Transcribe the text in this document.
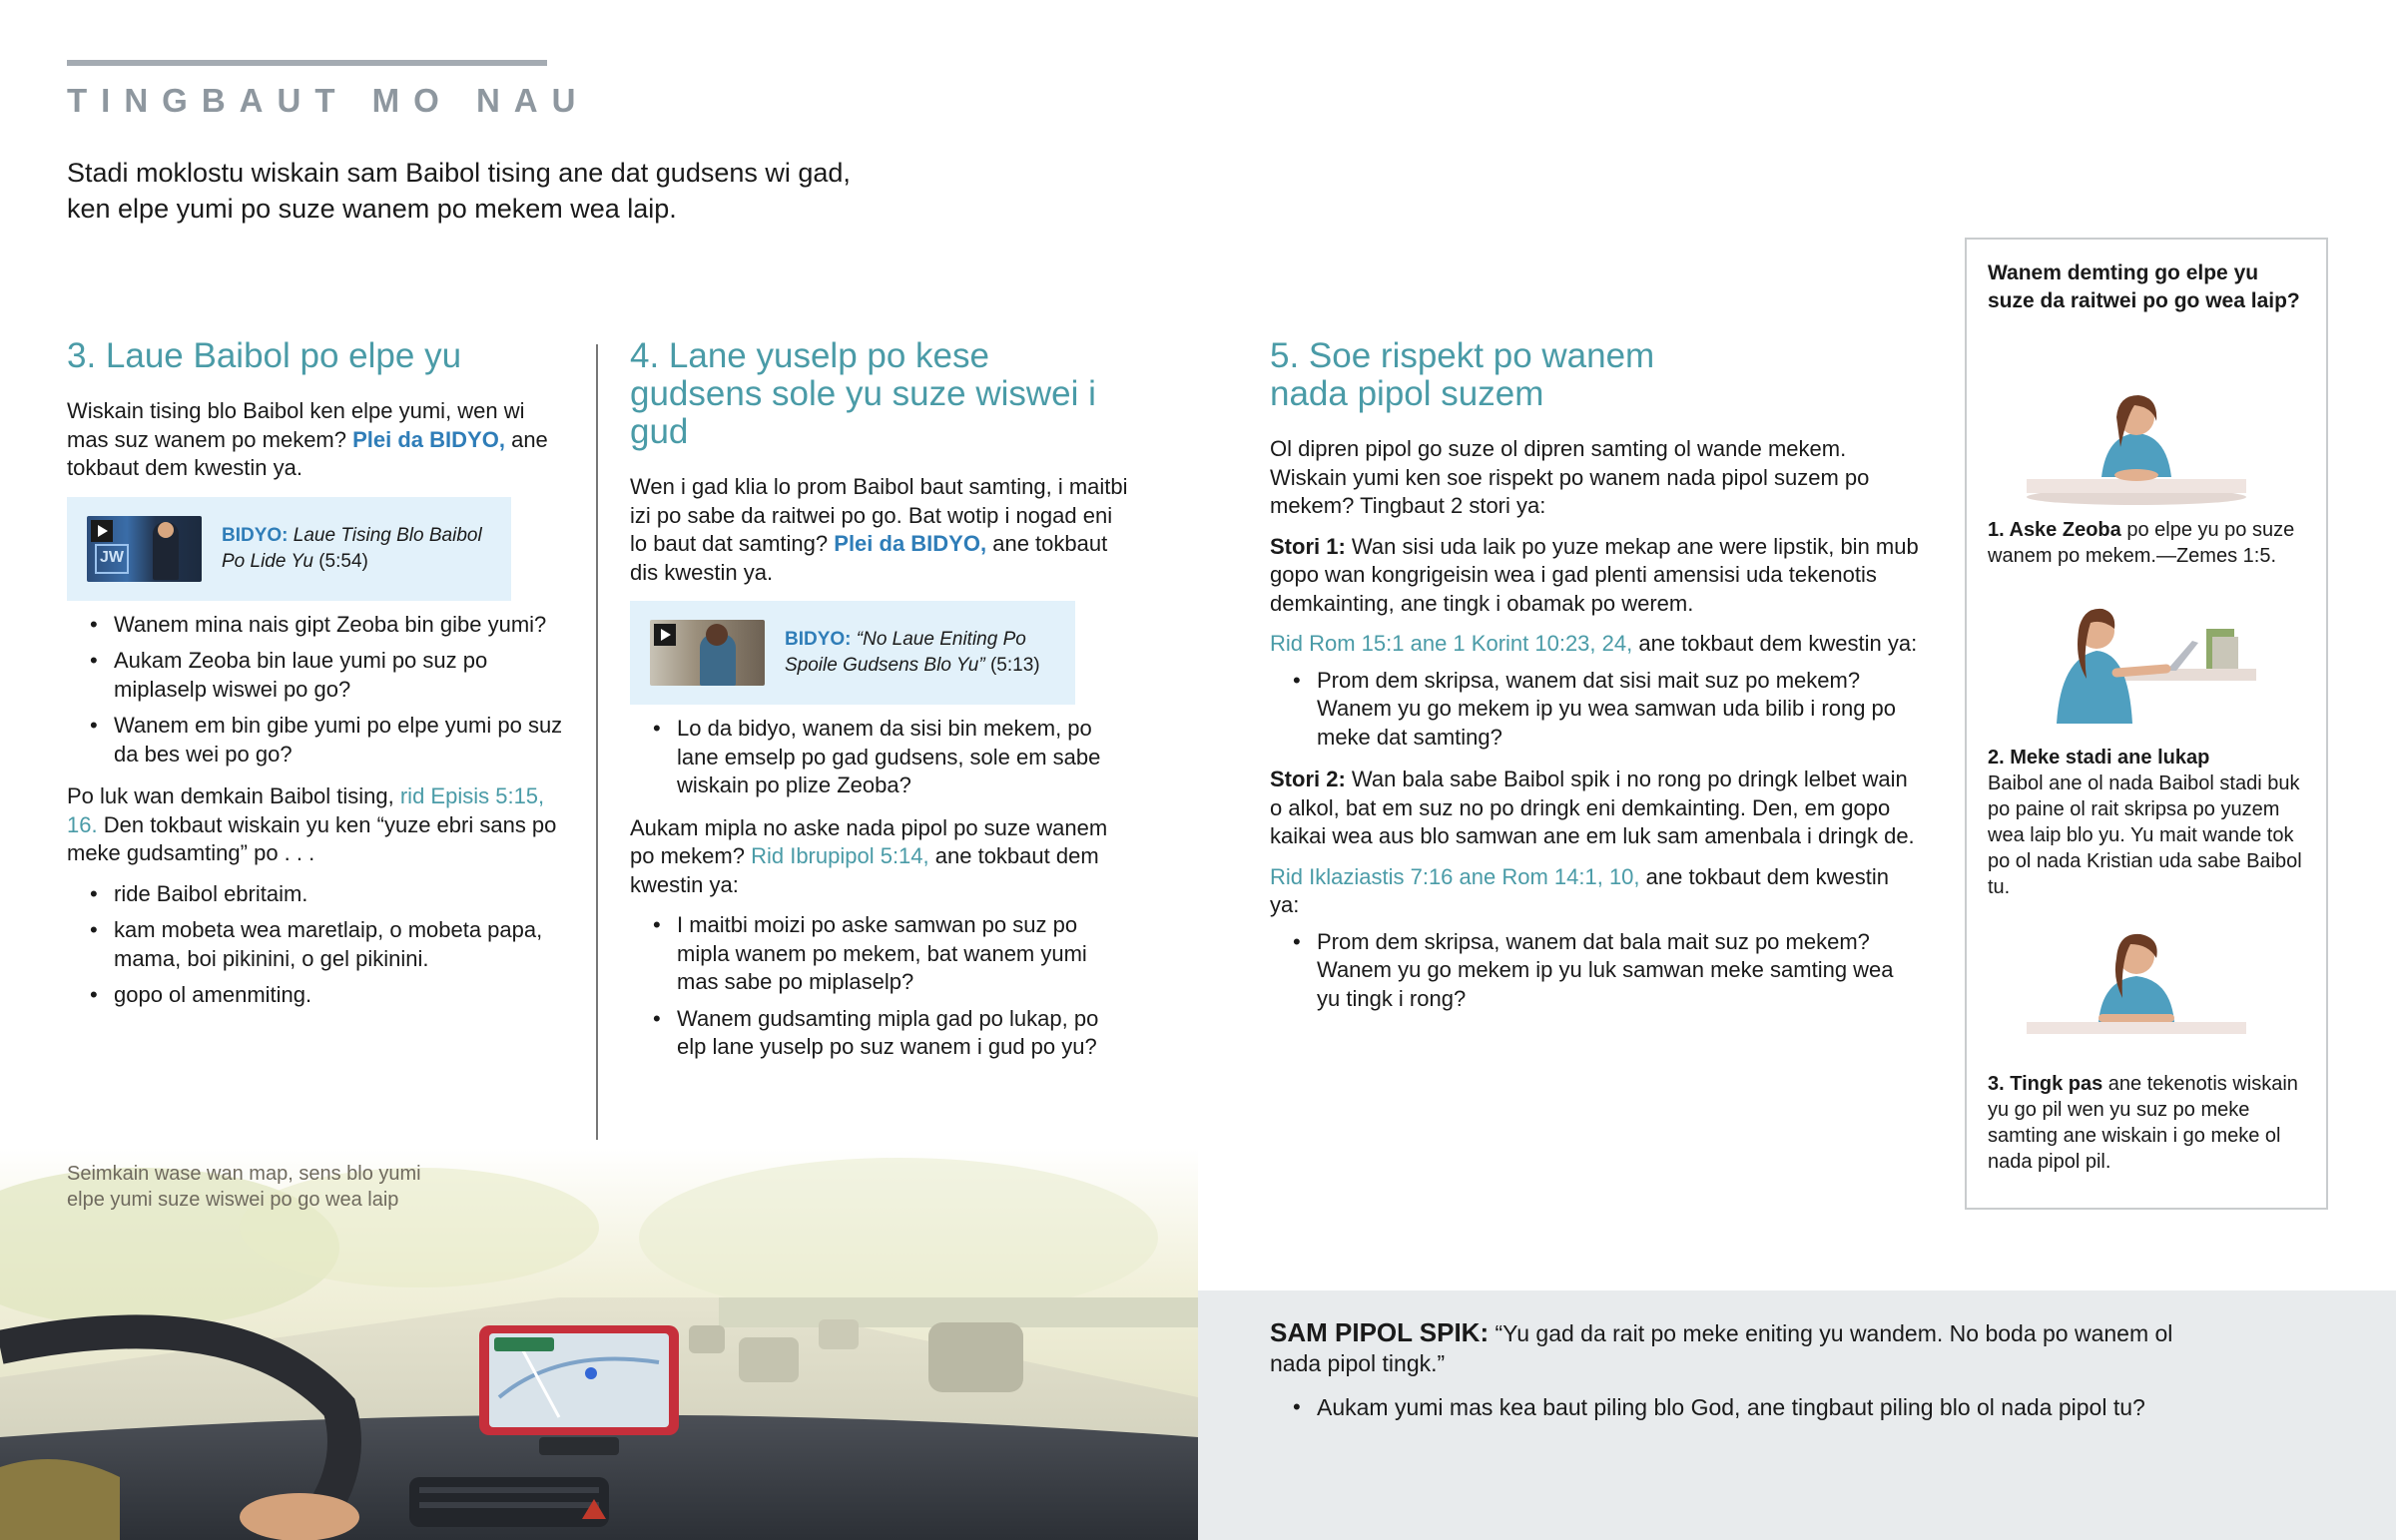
TINGBAUT MO NAU
Stadi moklostu wiskain sam Baibol tising ane dat gudsens wi gad,
ken elpe yumi po suze wanem po mekem wea laip.
3. Laue Baibol po elpe yu

Wiskain tising blo Baibol ken elpe yumi, wen wi mas suz wanem po mekem? Plei da BIDYO, ane tokbaut dem kwestin ya.

JW
BIDYO: Laue Tising Blo Baibol Po Lide Yu (5:54)
• Wanem mina nais gipt Zeoba bin gibe yumi?
• Aukam Zeoba bin laue yumi po suz po miplaselp wiswei po go?
• Wanem em bin gibe yumi po elpe yumi po suz da bes wei po go?

Po luk wan demkain Baibol tising, rid Episis 5:15, 16. Den tokbaut wiskain yu ken “yuze ebri sans po meke gudsamting” po . . .

• ride Baibol ebritaim.
• kam mobeta wea maretlaip, o mobeta papa, mama, boi pikinini, o gel pikinini.
• gopo ol amenmiting.
4. Lane yuselp po kese gudsens sole yu suze wiswei i gud

Wen i gad klia lo prom Baibol baut samting, i maitbi izi po sabe da raitwei po go. Bat wotip i nogad eni lo baut dat samting? Plei da BIDYO, ane tokbaut dis kwestin ya.

BIDYO: “No Laue Eniting Po Spoile Gudsens Blo Yu” (5:13)
• Lo da bidyo, wanem da sisi bin mekem, po lane emselp po gad gudsens, sole em sabe wiskain po plize Zeoba?

Aukam mipla no aske nada pipol po suze wanem po mekem? Rid Ibrupipol 5:14, ane tokbaut dem kwestin ya:

• I maitbi moizi po aske samwan po suz po mipla wanem po mekem, bat wanem yumi mas sabe po miplaselp?
• Wanem gudsamting mipla gad po lukap, po elp lane yuselp po suz wanem i gud po yu?
5. Soe rispekt po wanem nada pipol suzem

Ol dipren pipol go suze ol dipren samting ol wande mekem. Wiskain yumi ken soe rispekt po wanem nada pipol suzem po mekem? Tingbaut 2 stori ya:

Stori 1: Wan sisi uda laik po yuze mekap ane were lipstik, bin mub gopo wan kongrigeisin wea i gad plenti amensisi uda tekenotis demkainting, ane tingk i obamak po werem.

Rid Rom 15:1 ane 1 Korint 10:23, 24, ane tokbaut dem kwestin ya:

• Prom dem skripsa, wanem dat sisi mait suz po mekem? Wanem yu go mekem ip yu wea samwan uda bilib i rong po meke dat samting?

Stori 2: Wan bala sabe Baibol spik i no rong po dringk lelbet wain o alkol, bat em suz no po dringk eni demkainting. Den, em gopo kaikai wea aus blo samwan ane em luk sam amenbala i dringk de.

Rid Iklaziastis 7:16 ane Rom 14:1, 10, ane tokbaut dem kwestin ya:

• Prom dem skripsa, wanem dat bala mait suz po mekem? Wanem yu go mekem ip yu luk samwan meke samting wea yu tingk i rong?
Wanem demting go elpe yu suze da raitwei po go wea laip?
1. Aske Zeoba po elpe yu po suze wanem po mekem.—Zemes 1:5.
2. Meke stadi ane lukap
Baibol ane ol nada Baibol stadi buk po paine ol rait skripsa po yuzem wea laip blo yu. Yu mait wande tok po ol nada Kristian uda sabe Baibol tu.
3. Tingk pas ane tekenotis wiskain yu go pil wen yu suz po meke samting ane wiskain i go meke ol nada pipol pil.
Seimkain wase wan map, sens blo yumi
elpe yumi suze wiswei po go wea laip
SAM PIPOL SPIK: “Yu gad da rait po meke eniting yu wandem. No boda po wanem ol nada pipol tingk.”
• Aukam yumi mas kea baut piling blo God, ane tingbaut piling blo ol nada pipol tu?
